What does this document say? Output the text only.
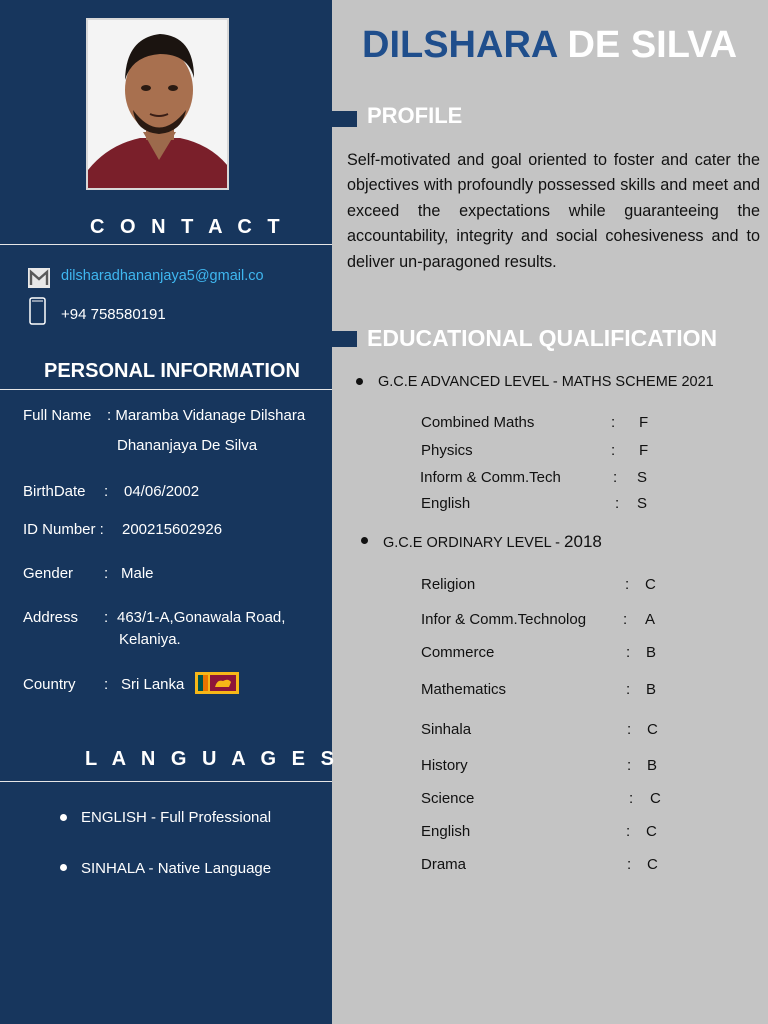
C O N T A C T
dilsharadhananjaya5@gmail.co
+94 758580191
PERSONAL INFORMATION
Full Name : Maramba Vidanage Dilshara
Dhananjaya De Silva
BirthDate : 04/06/2002
ID Number : 200215602926
Gender : Male
Address : 463/1-A,Gonawala Road,
Kelaniya.
Country : Sri Lanka
L A N G U A G E S
ENGLISH - Full Professional
SINHALA - Native Language
DILSHARA DE SILVA
PROFILE
Self-motivated and goal oriented to foster and cater the objectives with profoundly possessed skills and meet and exceed the expectations while guaranteeing the accountability, integrity and social cohesiveness and to deliver un-paragoned results.
EDUCATIONAL QUALIFICATION
G.C.E ADVANCED LEVEL - MATHS SCHEME 2021
Combined Maths	: F
Physics	: F
Inform & Comm.Tech	: S
English	: S
G.C.E ORDINARY LEVEL - 2018
Religion	: C
Infor & Comm.Technolog : A
Commerce	: B
Mathematics	: B
Sinhala	: C
History	: B
Science	: C
English	: C
Drama	: C
